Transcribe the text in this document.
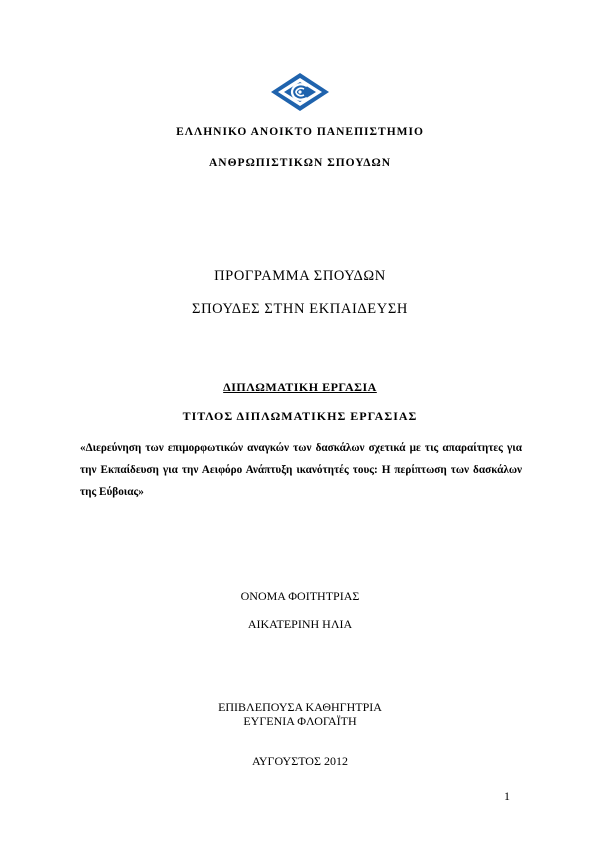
ΕΛΛΗΝΙΚΟ ΑΝΟΙΚΤΟ ΠΑΝΕΠΙΣΤΗΜΙΟ
ΑΝΘΡΩΠΙΣΤΙΚΩΝ ΣΠΟΥΔΩΝ
ΠΡΟΓΡΑΜΜΑ ΣΠΟΥΔΩΝ
ΣΠΟΥΔΕΣ ΣΤΗΝ ΕΚΠΑΙΔΕΥΣΗ
ΔΙΠΛΩΜΑΤΙΚΗ ΕΡΓΑΣΙΑ
ΤΙΤΛΟΣ ΔΙΠΛΩΜΑΤΙΚΗΣ ΕΡΓΑΣΙΑΣ
«Διερεύνηση των επιμορφωτικών αναγκών των δασκάλων σχετικά με τις απαραίτητες για την Εκπαίδευση για την Αειφόρο Ανάπτυξη ικανότητές τους: Η περίπτωση των δασκάλων της Εύβοιας»
ΟΝΟΜΑ ΦΟΙΤΗΤΡΙΑΣ
ΑΙΚΑΤΕΡΙΝΗ ΗΛΙΑ
ΕΠΙΒΛΕΠΟΥΣΑ ΚΑΘΗΓΗΤΡΙΑ
ΕΥΓΕΝΙΑ ΦΛΟΓΑΪΤΗ
ΑΥΓΟΥΣΤΟΣ 2012
1
